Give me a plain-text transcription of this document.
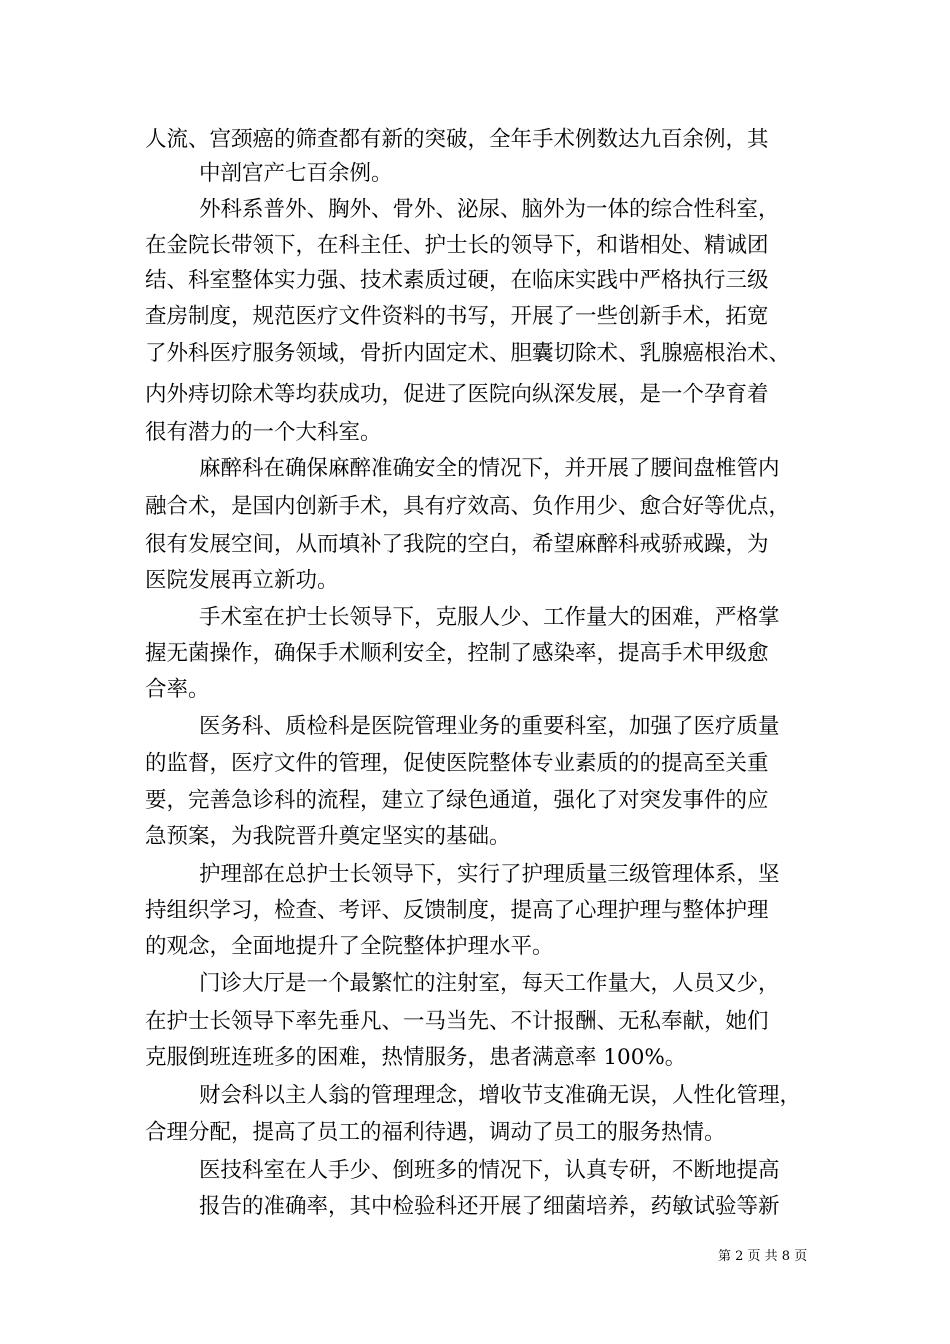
人流、宫颈癌的筛查都有新的突破，全年手术例数达九百余例，其
中剖宫产七百余例。
外科系普外、胸外、骨外、泌尿、脑外为一体的综合性科室，
在金院长带领下，在科主任、护士长的领导下，和谐相处、精诚团
结、科室整体实力强、技术素质过硬，在临床实践中严格执行三级
查房制度，规范医疗文件资料的书写，开展了一些创新手术，拓宽
了外科医疗服务领域，骨折内固定术、胆囊切除术、乳腺癌根治术、
内外痔切除术等均获成功，促进了医院向纵深发展，是一个孕育着
很有潜力的一个大科室。
麻醉科在确保麻醉准确安全的情况下，并开展了腰间盘椎管内
融合术，是国内创新手术，具有疗效高、负作用少、愈合好等优点，
很有发展空间，从而填补了我院的空白，希望麻醉科戒骄戒躁，为
医院发展再立新功。
手术室在护士长领导下，克服人少、工作量大的困难，严格掌
握无菌操作，确保手术顺利安全，控制了感染率，提高手术甲级愈
合率。
医务科、质检科是医院管理业务的重要科室，加强了医疗质量
的监督，医疗文件的管理，促使医院整体专业素质的的提高至关重
要，完善急诊科的流程，建立了绿色通道，强化了对突发事件的应
急预案，为我院晋升奠定坚实的基础。
护理部在总护士长领导下，实行了护理质量三级管理体系，坚
持组织学习，检查、考评、反馈制度，提高了心理护理与整体护理
的观念，全面地提升了全院整体护理水平。
门诊大厅是一个最繁忙的注射室，每天工作量大，人员又少，
在护士长领导下率先垂凡、一马当先、不计报酬、无私奉献，她们
克服倒班连班多的困难，热情服务，患者满意率 100%。
财会科以主人翁的管理理念，增收节支准确无误，人性化管理，
合理分配，提高了员工的福利待遇，调动了员工的服务热情。
医技科室在人手少、倒班多的情况下，认真专研，不断地提高
报告的准确率，其中检验科还开展了细菌培养，药敏试验等新
第 2 页 共 8 页
